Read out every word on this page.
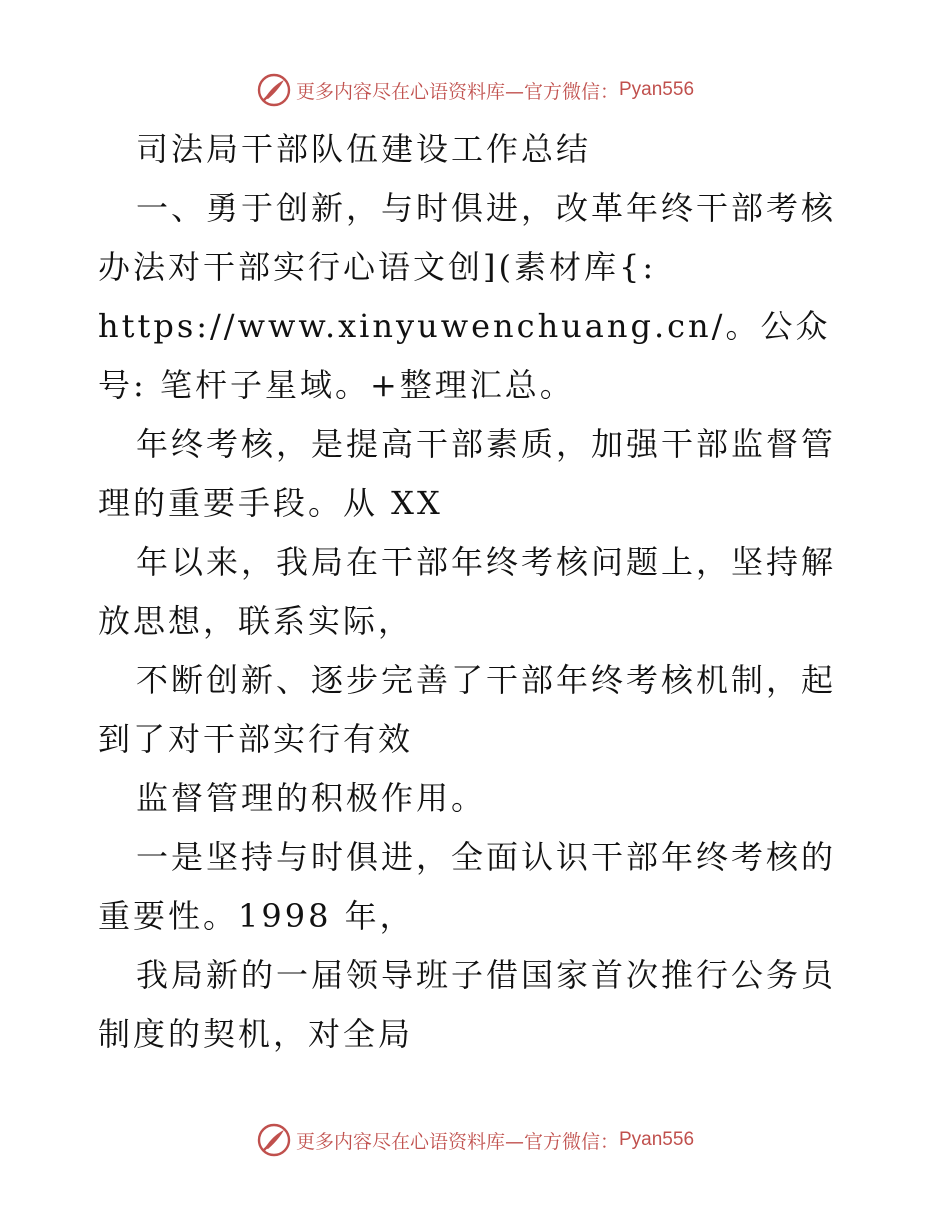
更多内容尽在心语资料库—官方微信： Pyan556

司法局干部队伍建设工作总结

一、勇于创新，与时俱进，改革年终干部考核办法对干部实行心语文创](素材库{: https://www.xinyuwenchuang.cn/。公众号: 笔杆子星域。+整理汇总。

年终考核，是提高干部素质，加强干部监督管理的重要手段。从 XX

年以来，我局在干部年终考核问题上，坚持解放思想，联系实际，

不断创新、逐步完善了干部年终考核机制，起到了对干部实行有效

监督管理的积极作用。

一是坚持与时俱进，全面认识干部年终考核的重要性。1998 年，

我局新的一届领导班子借国家首次推行公务员制度的契机，对全局

更多内容尽在心语资料库—官方微信： Pyan556
